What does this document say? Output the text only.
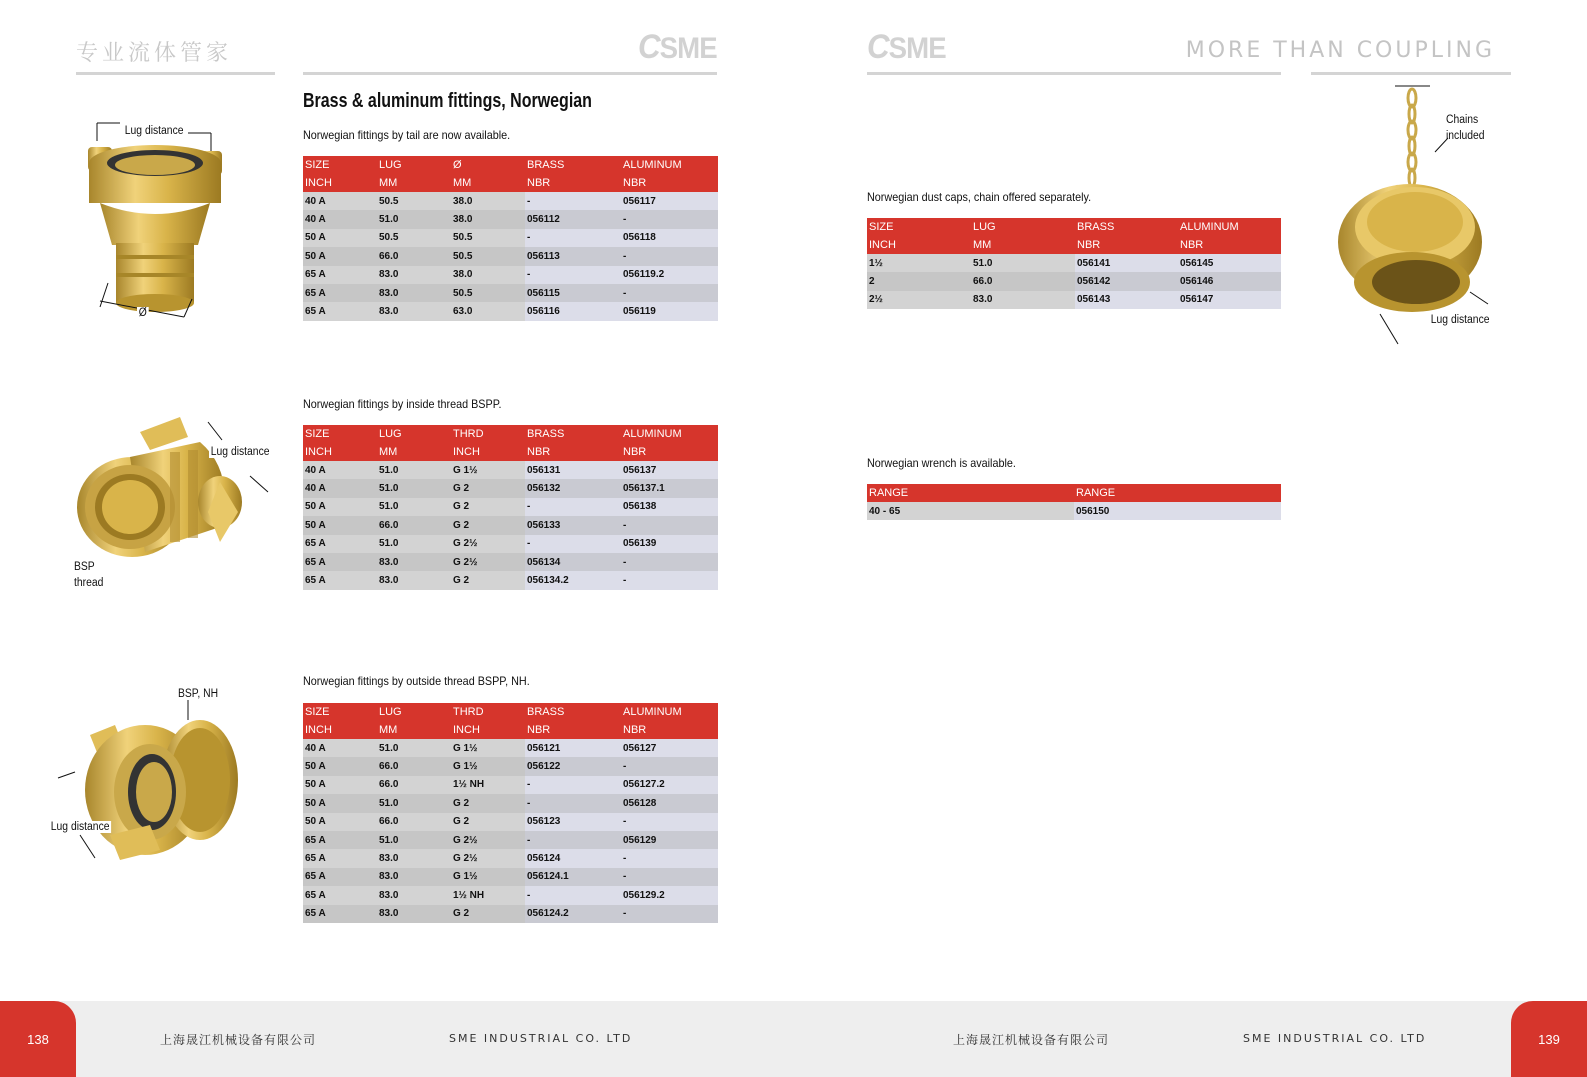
专业流体管家	CSME	CSME	MORE THAN COUPLING
Brass & aluminum fittings, Norwegian
Norwegian fittings by tail are now available.
SIZE	LUG	Ø	BRASS	ALUMINUM
INCH	MM	MM	NBR	NBR
40 A	50.5	38.0	-	056117
40 A	51.0	38.0	056112	-
50 A	50.5	50.5	-	056118
50 A	66.0	50.5	056113	-
65 A	83.0	38.0	-	056119.2
65 A	83.0	50.5	056115	-
65 A	83.0	63.0	056116	056119
Lug distance
Ø
Norwegian fittings by inside thread BSPP.
SIZE	LUG	THRD	BRASS	ALUMINUM
INCH	MM	INCH	NBR	NBR
40 A	51.0	G 1½	056131	056137
40 A	51.0	G 2	056132	056137.1
50 A	51.0	G 2	-	056138
50 A	66.0	G 2	056133	-
65 A	51.0	G 2½	-	056139
65 A	83.0	G 2½	056134	-
65 A	83.0	G 2	056134.2	-
Lug distance
BSP
thread
Norwegian fittings by outside thread BSPP, NH.
SIZE	LUG	THRD	BRASS	ALUMINUM
INCH	MM	INCH	NBR	NBR
40 A	51.0	G 1½	056121	056127
50 A	66.0	G 1½	056122	-
50 A	66.0	1½ NH	-	056127.2
50 A	51.0	G 2	-	056128
50 A	66.0	G 2	056123	-
65 A	51.0	G 2½	-	056129
65 A	83.0	G 2½	056124	-
65 A	83.0	G 1½	056124.1	-
65 A	83.0	1½ NH	-	056129.2
65 A	83.0	G 2	056124.2	-
BSP, NH
Lug distance
Norwegian dust caps, chain offered separately.
SIZE	LUG	BRASS	ALUMINUM
INCH	MM	NBR	NBR
1½	51.0	056141	056145
2	66.0	056142	056146
2½	83.0	056143	056147
Norwegian wrench is available.
RANGE	RANGE
40 - 65	056150
Chains
included
Lug distance
138	上海晟江机械设备有限公司	SME INDUSTRIAL CO. LTD	上海晟江机械设备有限公司	SME INDUSTRIAL CO. LTD	139
